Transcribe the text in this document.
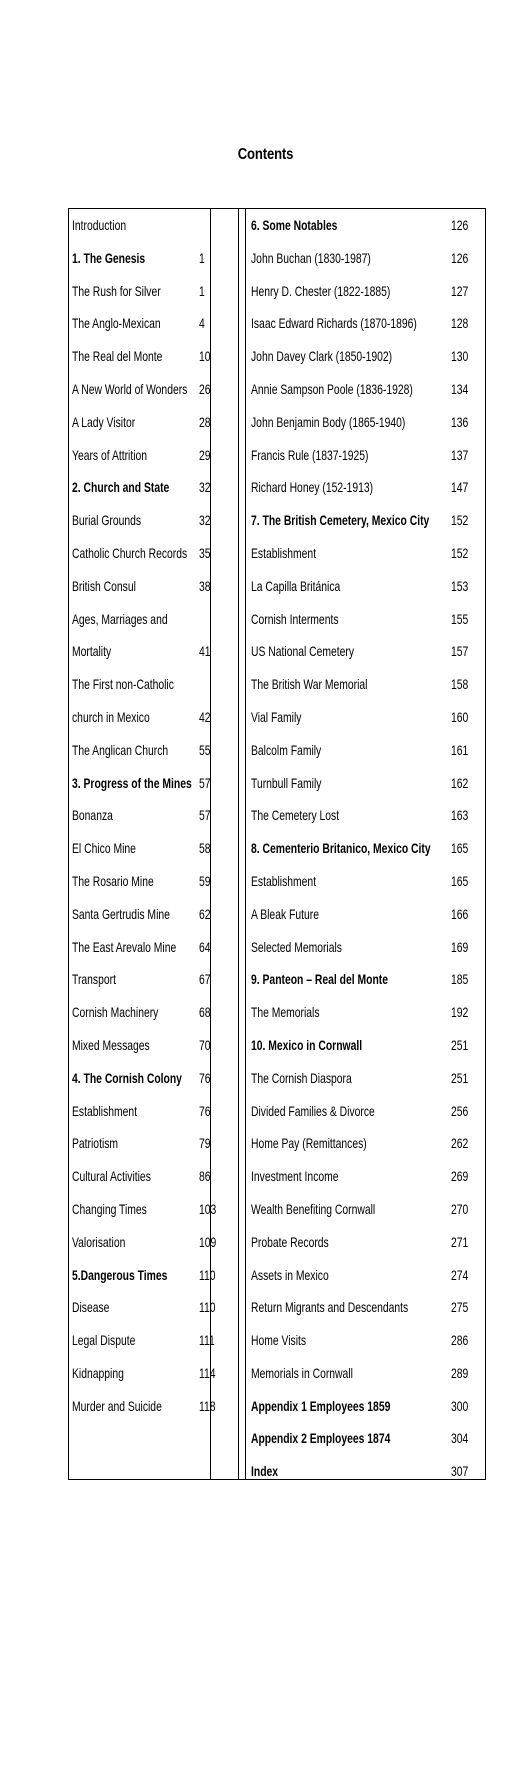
Contents
Introduction
1. The Genesis	1
The Rush for Silver	1
The Anglo-Mexican	4
The Real del Monte	10
A New World of Wonders 26
A Lady Visitor	28
Years of Attrition	29
2. Church and State 32
Burial Grounds	32
Catholic Church Records 35
British Consul	38
Ages, Marriages and
Mortality	41
The First non-Catholic
church in Mexico	42
The Anglican Church 55
3. Progress of the Mines 57
Bonanza	57
El Chico Mine	58
The Rosario Mine	59
Santa Gertrudis Mine 62
The East Arevalo Mine 64
Transport	67
Cornish Machinery	68
Mixed Messages	70
4. The Cornish Colony 76
Establishment	76
Patriotism	79
Cultural Activities	86
Changing Times	103
Valorisation	109
5.Dangerous Times 110
Disease	110
Legal Dispute	111
Kidnapping	114
Murder and Suicide	118
6. Some Notables	126
John Buchan (1830-1987)	126
Henry D. Chester (1822-1885)	127
Isaac Edward Richards (1870-1896) 128
John Davey Clark (1850-1902)	130
Annie Sampson Poole (1836-1928)	134
John Benjamin Body (1865-1940)	136
Francis Rule (1837-1925)	137
Richard Honey (152-1913)	147
7. The British Cemetery, Mexico City 152
Establishment	152
La Capilla Británica	153
Cornish Interments	155
US National Cemetery	157
The British War Memorial	158
Vial Family	160
Balcolm Family	161
Turnbull Family	162
The Cemetery Lost	163
8. Cementerio Britanico, Mexico City 165
Establishment	165
A Bleak Future	166
Selected Memorials	169
9. Panteon – Real del Monte	185
The Memorials	192
10. Mexico in Cornwall	251
The Cornish Diaspora	251
Divided Families & Divorce	256
Home Pay (Remittances)	262
Investment Income	269
Wealth Benefiting Cornwall	270
Probate Records	271
Assets in Mexico	274
Return Migrants and Descendants	275
Home Visits	286
Memorials in Cornwall	289
Appendix 1 Employees 1859	300
Appendix 2 Employees 1874	304
Index	307
